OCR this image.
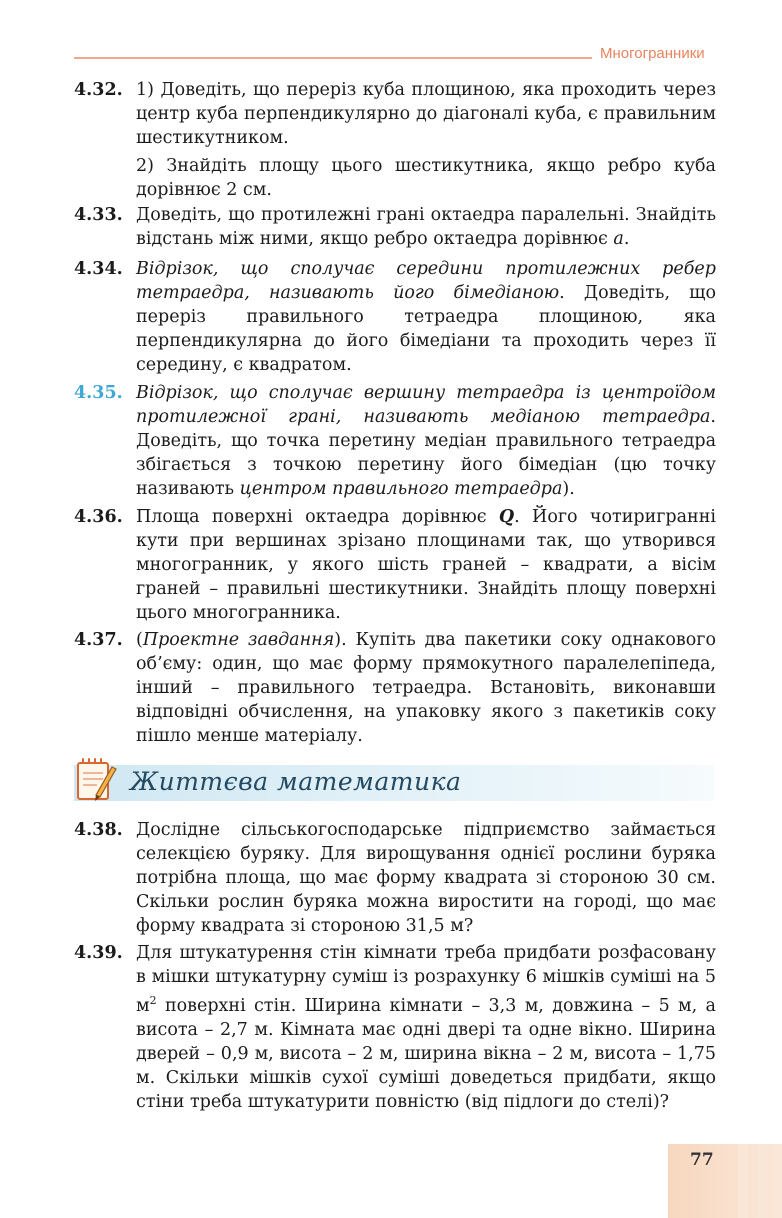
Многогранники
4.32. 1) Доведіть, що переріз куба площиною, яка проходить через центр куба перпендикулярно до діагоналі куба, є правильним шестикутником.

2) Знайдіть площу цього шестикутника, якщо ребро куба дорівнює 2 см.

4.33. Доведіть, що протилежні грані октаедра паралельні. Знайдіть відстань між ними, якщо ребро октаедра дорівнює a.
4.34. Відрізок, що сполучає середини протилежних ребер тетраедра, називають його бімедіаною. Доведіть, що переріз правильного тетраедра площиною, яка перпендикулярна до його бімедіани та проходить через її середину, є квадратом.
4.35. Відрізок, що сполучає вершину тетраедра із центроїдом протилежної грані, називають медіаною тетраедра. Доведіть, що точка перетину медіан правильного тетраедра збігається з точкою перетину його бімедіан (цю точку називають центром правильного тетраедра).
4.36. Площа поверхні октаедра дорівнює Q. Його чотиригранні кути при вершинах зрізано площинами так, що утворився многогранник, у якого шість граней – квадрати, а вісім граней – правильні шестикутники. Знайдіть площу поверхні цього многогранника.
4.37. (Проектне завдання). Купіть два пакетики соку однакового об’єму: один, що має форму прямокутного паралелепіпеда, інший – правильного тетраедра. Встановіть, виконавши відповідні обчислення, на упаковку якого з пакетиків соку пішло менше матеріалу.
Життєва математика
4.38. Дослідне сільськогосподарське підприємство займається селекцією буряку. Для вирощування однієї рослини буряка потрібна площа, що має форму квадрата зі стороною 30 см. Скільки рослин буряка можна виростити на городі, що має форму квадрата зі стороною 31,5 м?
4.39. Для штукатурення стін кімнати треба придбати розфасовану в мішки штукатурну суміш із розрахунку 6 мішків суміші на 5 $м^2$ поверхні стін. Ширина кімнати – 3,3 м, довжина – 5 м, а висота – 2,7 м. Кімната має одні двері та одне вікно. Ширина дверей – 0,9 м, висота – 2 м, ширина вікна – 2 м, висота – 1,75 м. Скільки мішків сухої суміші доведеться придбати, якщо стіни треба штукатурити повністю (від підлоги до стелі)?
77
